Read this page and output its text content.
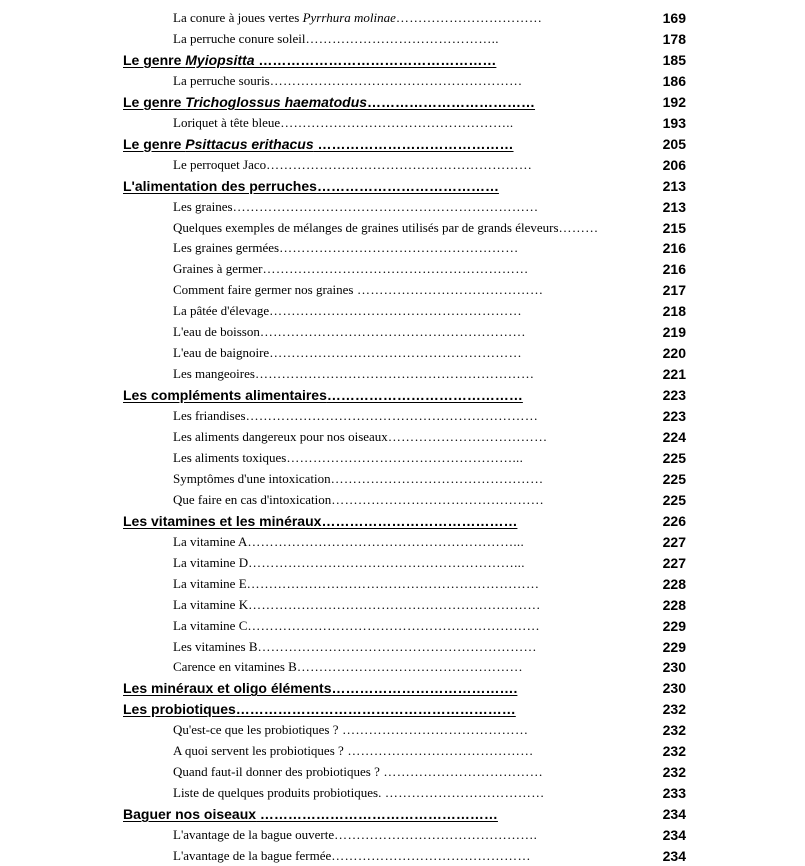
La conure à joues vertes Pyrrhura molinae……………………………	169
La perruche conure soleil……………………………………..	178
Le genre Myiopsitta ……………………………………………	185
La perruche souris…………………………………………………	186
Le genre Trichoglossus haematodus………………………………	192
Loriquet à tête bleue……………………………………………..	193
Le genre Psittacus erithacus ……………………………………	205
Le perroquet Jaco……………………………………………………	206
L'alimentation des perruches…………………………………	213
Les graines……………………………………………………………	213
Quelques exemples de mélanges de graines utilisés par de grands éleveurs………	215
Les graines germées………………………………………………	216
Graines à germer……………………………………………………	216
Comment faire germer nos graines ……………………………………	217
La pâtée d'élevage…………………………………………………	218
L'eau de boisson……………………………………………………	219
L'eau de baignoire…………………………………………………	220
Les mangeoires………………………………………………………	221
Les compléments alimentaires……………………………………	223
Les friandises…………………………………………………………	223
Les aliments dangereux pour nos oiseaux………………………………	224
Les aliments toxiques……………………………………………...	225
Symptômes d'une intoxication…………………………………………	225
Que faire en cas d'intoxication…………………………………………	225
Les vitamines et les minéraux……………………………………	226
La vitamine A……………………………………………………...	227
La vitamine D……………………………………………………...	227
La vitamine E…………………………………………………………	228
La vitamine K…………………………………………………………	228
La vitamine C…………………………………………………………	229
Les vitamines B………………………………………………………	229
Carence en vitamines B……………………………………………	230
Les minéraux et oligo éléments………………………………….	230
Les probiotiques……………………………………………………	232
Qu'est-ce que les probiotiques ? ……………………………………	232
A quoi servent les probiotiques ? ……………………………………	232
Quand faut-il donner des probiotiques ? ………………………………	232
Liste de quelques produits probiotiques. ………………………………	233
Baguer nos oiseaux ……………………………………………	234
L'avantage de la bague ouverte……………………………………….	234
L'avantage de la bague fermée………………………………………	234
